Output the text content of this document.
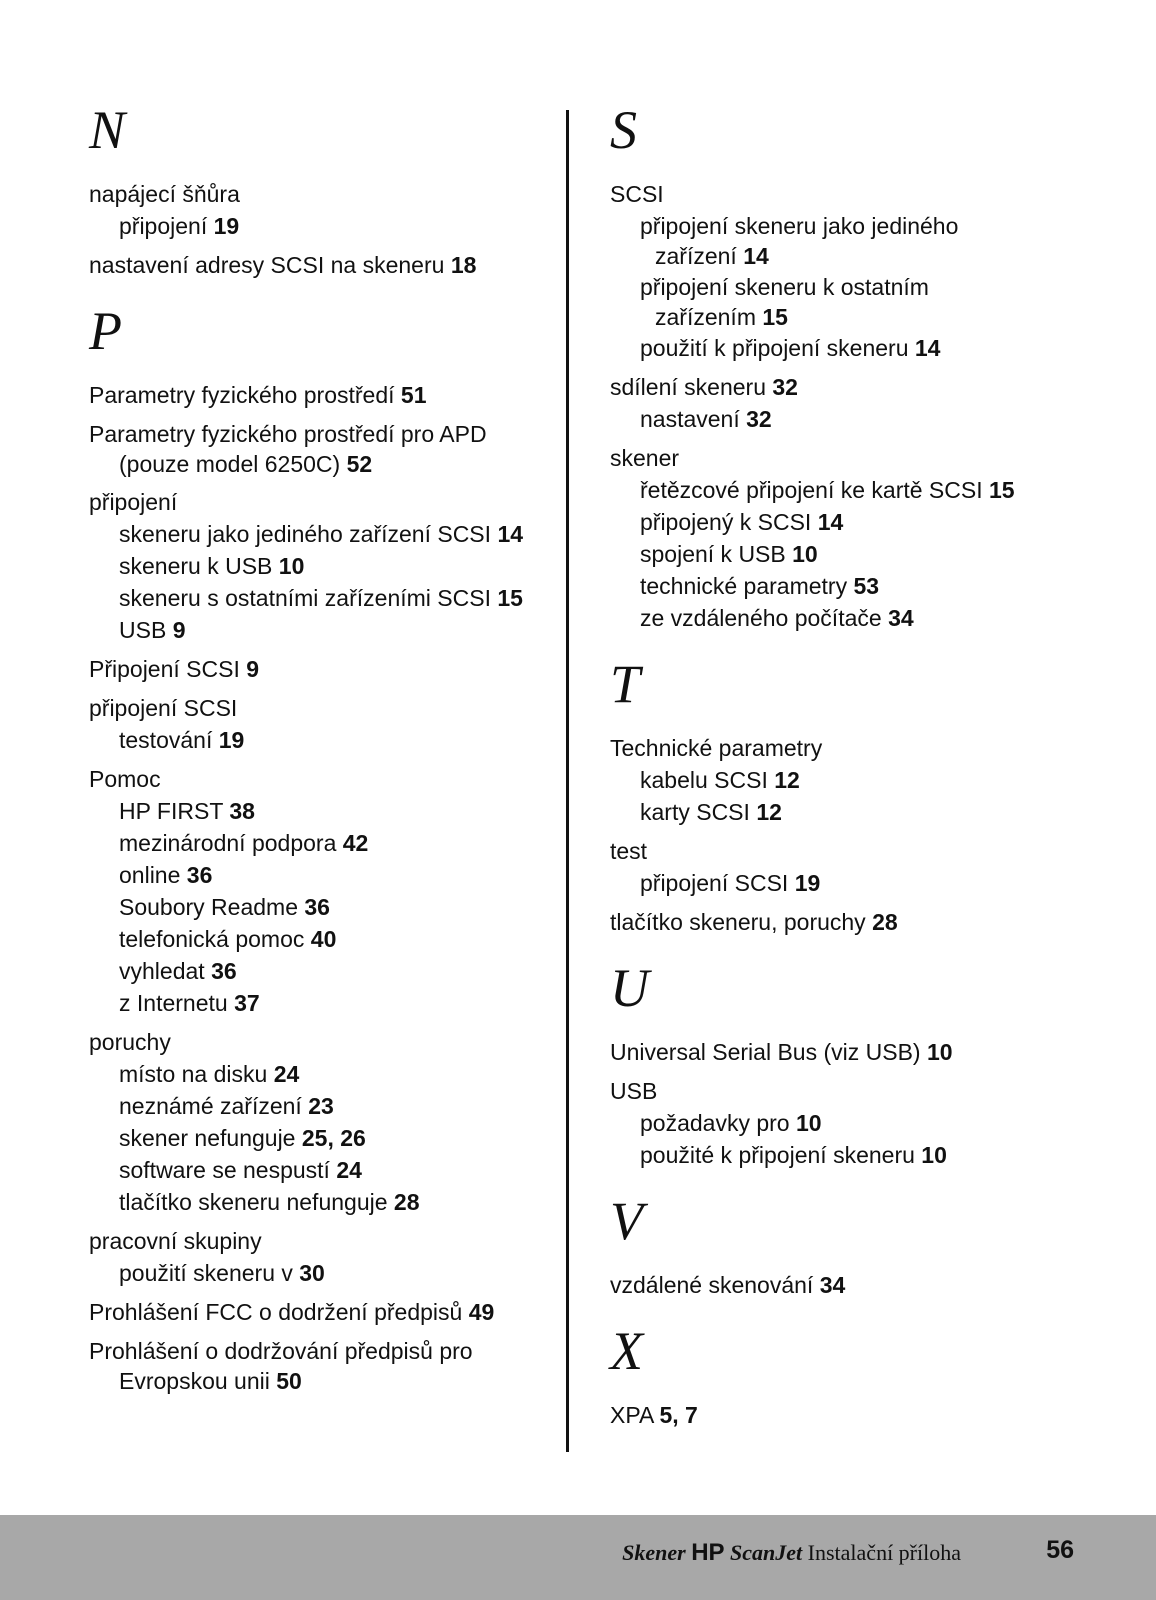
N
napájecí šňůra
připojení 19
nastavení adresy SCSI na skeneru 18
P
Parametry fyzického prostředí 51
Parametry fyzického prostředí pro APD
(pouze model 6250C) 52
připojení
skeneru jako jediného zařízení SCSI 14
skeneru k USB 10
skeneru s ostatními zařízeními SCSI 15
USB 9
Připojení SCSI 9
připojení SCSI
testování 19
Pomoc
HP FIRST 38
mezinárodní podpora 42
online 36
Soubory Readme 36
telefonická pomoc 40
vyhledat 36
z Internetu 37
poruchy
místo na disku 24
neznámé zařízení 23
skener nefunguje 25, 26
software se nespustí 24
tlačítko skeneru nefunguje 28
pracovní skupiny
použití skeneru v 30
Prohlášení FCC o dodržení předpisů 49
Prohlášení o dodržování předpisů pro
Evropskou unii 50
S
SCSI
připojení skeneru jako jediného
zařízení 14
připojení skeneru k ostatním
zařízením 15
použití k připojení skeneru 14
sdílení skeneru 32
nastavení 32
skener
řetězcové připojení ke kartě SCSI 15
připojený k SCSI 14
spojení k USB 10
technické parametry 53
ze vzdáleného počítače 34
T
Technické parametry
kabelu SCSI 12
karty SCSI 12
test
připojení SCSI 19
tlačítko skeneru, poruchy 28
U
Universal Serial Bus (viz USB) 10
USB
požadavky pro 10
použité k připojení skeneru 10
V
vzdálené skenování 34
X
XPA 5, 7
Skener HP ScanJet Instalační příloha	56
